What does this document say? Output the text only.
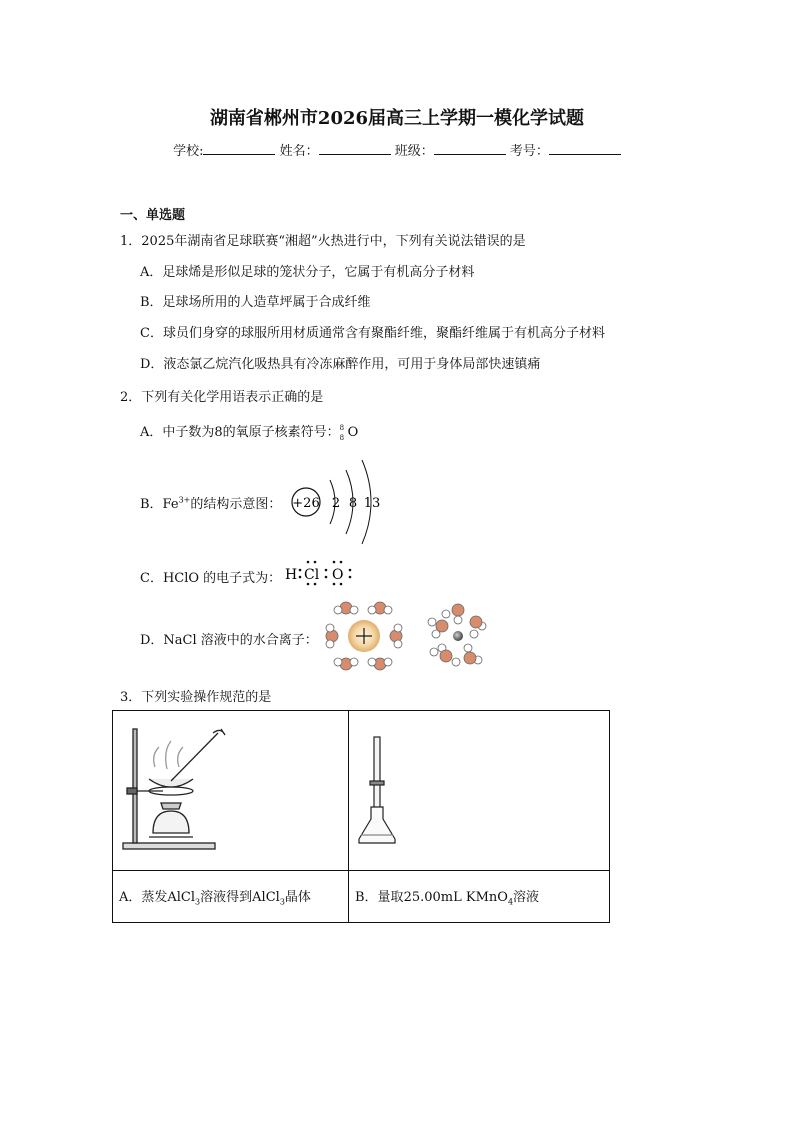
湖南省郴州市2026届高三上学期一模化学试题
学校:	姓名：	班级：	考号：
一、单选题
1．2025年湖南省足球联赛“湘超”火热进行中，下列有关说法错误的是
A．足球烯是形似足球的笼状分子，它属于有机高分子材料
B．足球场所用的人造草坪属于合成纤维
C．球员们身穿的球服所用材质通常含有聚酯纤维，聚酯纤维属于有机高分子材料
D．液态氯乙烷汽化吸热具有冷冻麻醉作用，可用于身体局部快速镇痛
2．下列有关化学用语表示正确的是
A．中子数为8的氧原子核素符号： 8
8 O
B．$Fe^{3+}$的结构示意图： +26 2 8 13
C．HClO 的电子式为： H Cl O
D．NaCl 溶液中的水合离子：
3．下列实验操作规范的是

A．蒸发AlCl$_3$溶液得到AlCl$_3$晶体	B．量取25.00mL KMnO$_4$溶液
